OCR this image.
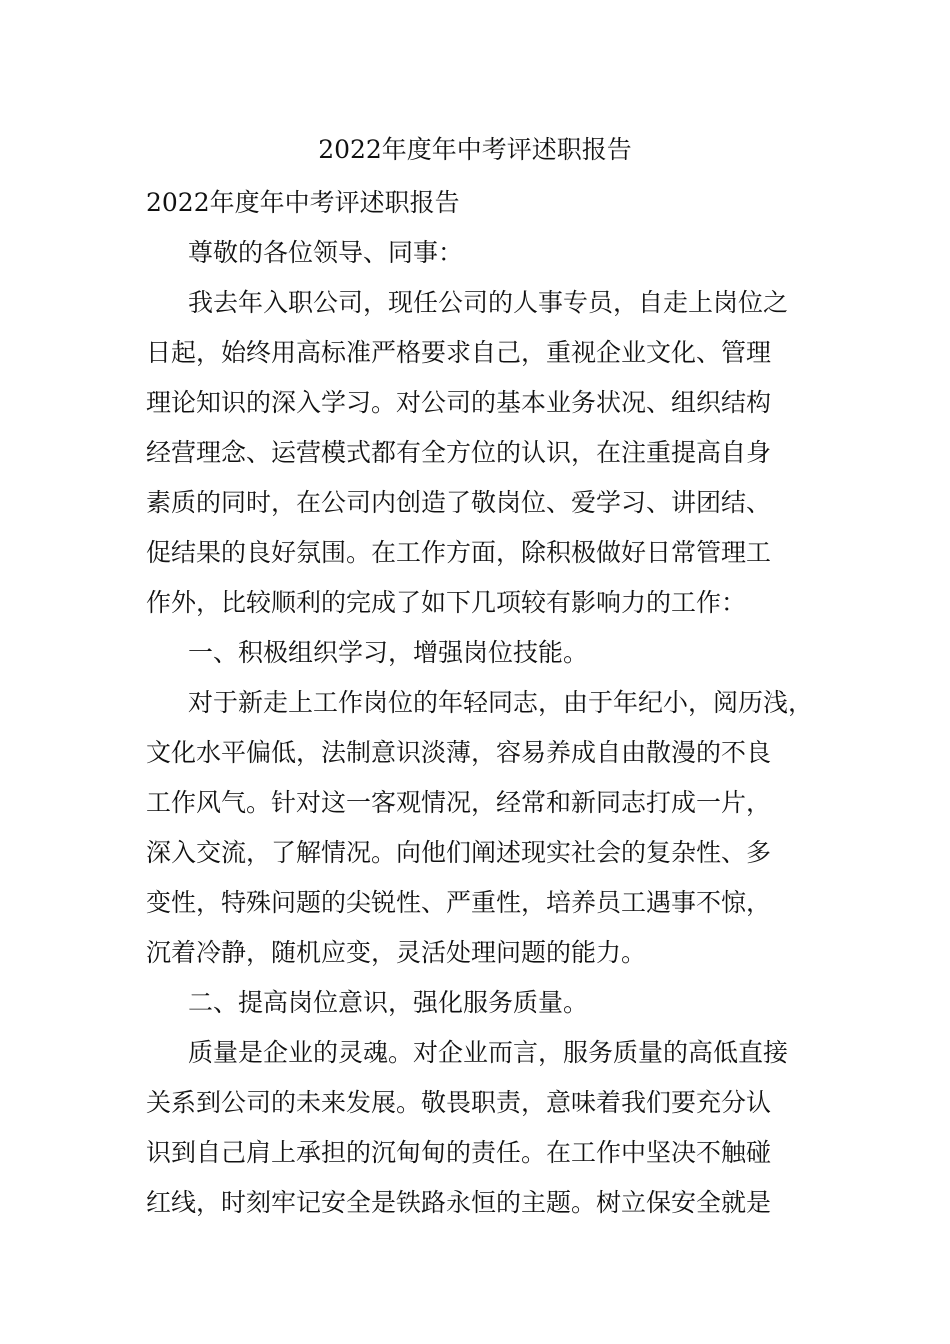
2022年度年中考评述职报告

2022年度年中考评述职报告

尊敬的各位领导、同事：

我去年入职公司，现任公司的人事专员，自走上岗位之

日起，始终用高标准严格要求自己，重视企业文化、管理

理论知识的深入学习。对公司的基本业务状况、组织结构

经营理念、运营模式都有全方位的认识，在注重提高自身

素质的同时，在公司内创造了敬岗位、爱学习、讲团结、

促结果的良好氛围。在工作方面，除积极做好日常管理工

作外，比较顺利的完成了如下几项较有影响力的工作：

一、积极组织学习，增强岗位技能。

对于新走上工作岗位的年轻同志，由于年纪小，阅历浅，

文化水平偏低，法制意识淡薄，容易养成自由散漫的不良

工作风气。针对这一客观情况，经常和新同志打成一片，

深入交流，了解情况。向他们阐述现实社会的复杂性、多

变性，特殊问题的尖锐性、严重性，培养员工遇事不惊，

沉着冷静，随机应变，灵活处理问题的能力。

二、提高岗位意识，强化服务质量。

质量是企业的灵魂。对企业而言，服务质量的高低直接

关系到公司的未来发展。敬畏职责，意味着我们要充分认

识到自己肩上承担的沉甸甸的责任。在工作中坚决不触碰

红线，时刻牢记安全是铁路永恒的主题。树立保安全就是
